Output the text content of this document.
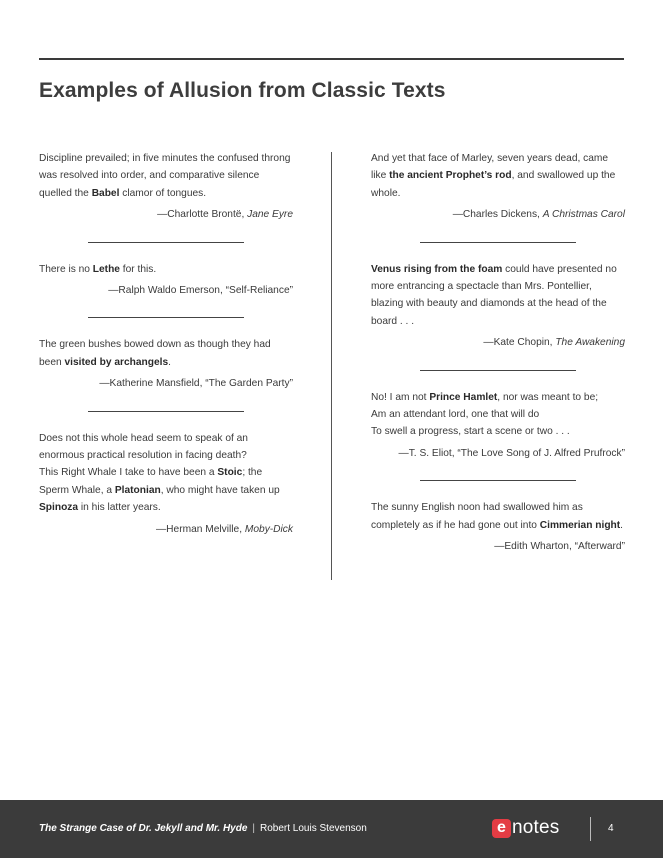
Examples of Allusion from Classic Texts

Discipline prevailed; in five minutes the confused throng was resolved into order, and comparative silence quelled the Babel clamor of tongues.

—Charlotte Brontë, Jane Eyre

There is no Lethe for this.

—Ralph Waldo Emerson, “Self-Reliance”

The green bushes bowed down as though they had been visited by archangels.

—Katherine Mansfield, “The Garden Party”

Does not this whole head seem to speak of an enormous practical resolution in facing death?
This Right Whale I take to have been a Stoic; the Sperm Whale, a Platonian, who might have taken up Spinoza in his latter years.

—Herman Melville, Moby-Dick

And yet that face of Marley, seven years dead, came like the ancient Prophet’s rod, and swallowed up the whole.

—Charles Dickens, A Christmas Carol

Venus rising from the foam could have presented no more entrancing a spectacle than Mrs. Pontellier, blazing with beauty and diamonds at the head of the board . . .

—Kate Chopin, The Awakening

No! I am not Prince Hamlet, nor was meant to be;
Am an attendant lord, one that will do
To swell a progress, start a scene or two . . .

—T. S. Eliot, “The Love Song of J. Alfred Prufrock”

The sunny English noon had swallowed him as completely as if he had gone out into Cimmerian night.

—Edith Wharton, “Afterward”

The Strange Case of Dr. Jekyll and Mr. Hyde | Robert Louis Stevenson	e notes	4
